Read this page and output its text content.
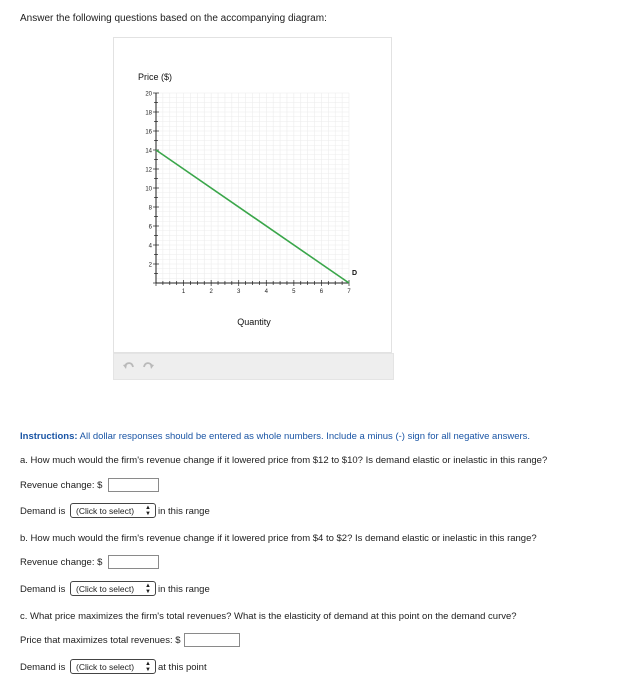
Answer the following questions based on the accompanying diagram:
2
4
6
8
10
12
14
16
18
20
1	2	3	4	5	6	7
Price ($)
Quantity
D
Instructions: All dollar responses should be entered as whole numbers. Include a minus (-) sign for all negative answers.
a. How much would the firm's revenue change if it lowered price from $12 to $10? Is demand elastic or inelastic in this range?
Revenue change: $
Demand is (Click to select) ▲
▼ in this range
b. How much would the firm's revenue change if it lowered price from $4 to $2? Is demand elastic or inelastic in this range?
Revenue change: $
Demand is (Click to select) ▲
▼ in this range
c. What price maximizes the firm's total revenues? What is the elasticity of demand at this point on the demand curve?
Price that maximizes total revenues: $
Demand is (Click to select) ▲
▼ at this point
